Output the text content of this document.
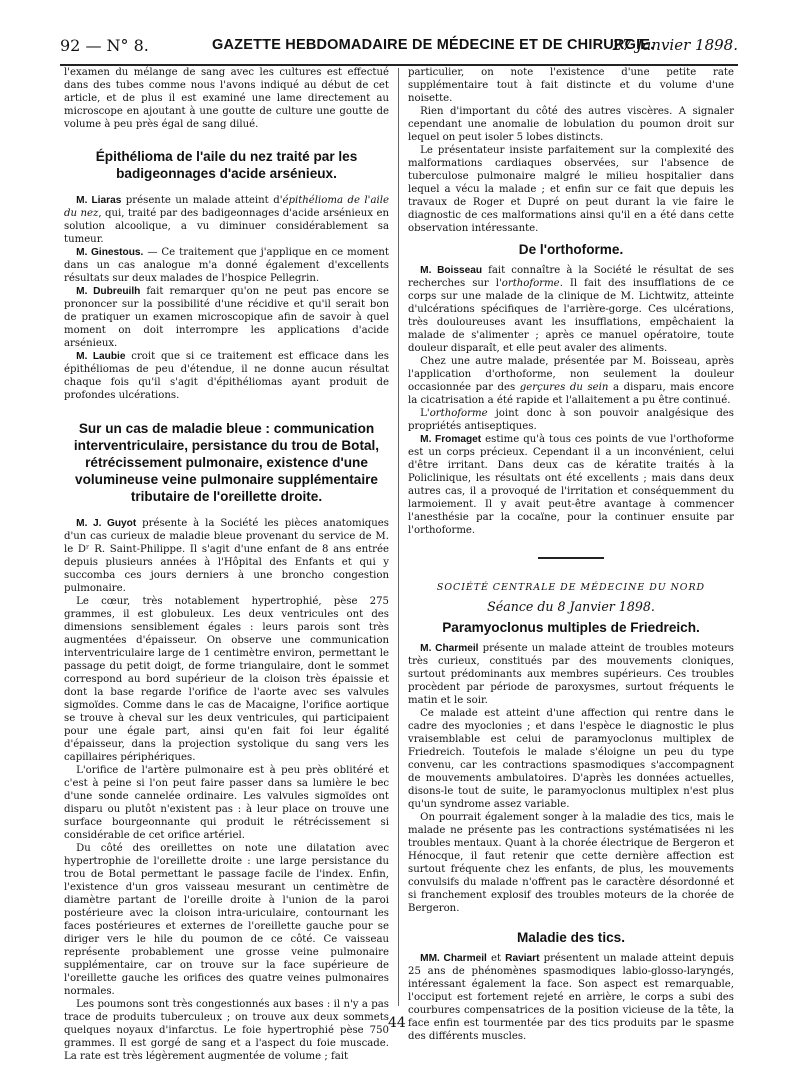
92 — N° 8.	GAZETTE HEBDOMADAIRE DE MÉDECINE ET DE CHIRURGIE.
27 Janvier 1898.

l'examen du mélange de sang avec les cultures est effectué dans des tubes comme nous l'avons indiqué au début de cet article, et de plus il est examiné une lame directement au microscope en ajoutant à une goutte de culture une goutte de volume à peu près égal de sang dilué.

Épithélioma de l'aile du nez traité par les badigeonnages d'acide arsénieux.

M. Liaras présente un malade atteint d'épithélioma de l'aile du nez, qui, traité par des badigeonnages d'acide arsénieux en solution alcoolique, a vu diminuer considérablement sa tumeur.

M. Ginestous. — Ce traitement que j'applique en ce moment dans un cas analogue m'a donné également d'excellents résultats sur deux malades de l'hospice Pellegrin.

M. Dubreuilh fait remarquer qu'on ne peut pas encore se prononcer sur la possibilité d'une récidive et qu'il serait bon de pratiquer un examen microscopique afin de savoir à quel moment on doit interrompre les applications d'acide arsénieux.

M. Laubie croit que si ce traitement est efficace dans les épithéliomas de peu d'étendue, il ne donne aucun résultat chaque fois qu'il s'agit d'épithéliomas ayant produit de profondes ulcérations.

Sur un cas de maladie bleue : communication interventriculaire, persistance du trou de Botal, rétrécissement pulmonaire, existence d'une volumineuse veine pulmonaire supplémentaire tributaire de l'oreillette droite.

M. J. Guyot présente à la Société les pièces anatomiques d'un cas curieux de maladie bleue provenant du service de M. le Dʳ R. Saint-Philippe. Il s'agit d'une enfant de 8 ans entrée depuis plusieurs années à l'Hôpital des Enfants et qui y succomba ces jours derniers à une broncho congestion pulmonaire.

Le cœur, très notablement hypertrophié, pèse 275 grammes, il est globuleux. Les deux ventricules ont des dimensions sensiblement égales : leurs parois sont très augmentées d'épaisseur. On observe une communication interventriculaire large de 1 centimètre environ, permettant le passage du petit doigt, de forme triangulaire, dont le sommet correspond au bord supérieur de la cloison très épaissie et dont la base regarde l'orifice de l'aorte avec ses valvules sigmoïdes. Comme dans le cas de Macaigne, l'orifice aortique se trouve à cheval sur les deux ventricules, qui participaient pour une égale part, ainsi qu'en fait foi leur égalité d'épaisseur, dans la projection systolique du sang vers les capillaires périphériques.

L'orifice de l'artère pulmonaire est à peu près oblitéré et c'est à peine si l'on peut faire passer dans sa lumière le bec d'une sonde cannelée ordinaire. Les valvules sigmoïdes ont disparu ou plutôt n'existent pas : à leur place on trouve une surface bourgeonnante qui produit le rétrécissement si considérable de cet orifice artériel.

Du côté des oreillettes on note une dilatation avec hypertrophie de l'oreillette droite : une large persistance du trou de Botal permettant le passage facile de l'index. Enfin, l'existence d'un gros vaisseau mesurant un centimètre de diamètre partant de l'oreille droite à l'union de la paroi postérieure avec la cloison intra-uriculaire, contournant les faces postérieures et externes de l'oreillette gauche pour se diriger vers le hile du poumon de ce côté. Ce vaisseau représente probablement une grosse veine pulmonaire supplémentaire, car on trouve sur la face supérieure de l'oreillette gauche les orifices des quatre veines pulmonaires normales.

Les poumons sont très congestionnés aux bases : il n'y a pas trace de produits tuberculeux ; on trouve aux deux sommets quelques noyaux d'infarctus. Le foie hypertrophié pèse 750 grammes. Il est gorgé de sang et a l'aspect du foie muscade. La rate est très légèrement augmentée de volume ; fait

particulier, on note l'existence d'une petite rate supplémentaire tout à fait distincte et du volume d'une noisette.

Rien d'important du côté des autres viscères. A signaler cependant une anomalie de lobulation du poumon droit sur lequel on peut isoler 5 lobes distincts.

Le présentateur insiste parfaitement sur la complexité des malformations cardiaques observées, sur l'absence de tuberculose pulmonaire malgré le milieu hospitalier dans lequel a vécu la malade ; et enfin sur ce fait que depuis les travaux de Roger et Dupré on peut durant la vie faire le diagnostic de ces malformations ainsi qu'il en a été dans cette observation intéressante.

De l'orthoforme.

M. Boisseau fait connaître à la Société le résultat de ses recherches sur l'orthoforme. Il fait des insufflations de ce corps sur une malade de la clinique de M. Lichtwitz, atteinte d'ulcérations spécifiques de l'arrière-gorge. Ces ulcérations, très douloureuses avant les insufflations, empêchaient la malade de s'alimenter ; après ce manuel opératoire, toute douleur disparaît, et elle peut avaler des aliments.

Chez une autre malade, présentée par M. Boisseau, après l'application d'orthoforme, non seulement la douleur occasionnée par des gerçures du sein a disparu, mais encore la cicatrisation a été rapide et l'allaitement a pu être continué.

L'orthoforme joint donc à son pouvoir analgésique des propriétés antiseptiques.

M. Fromaget estime qu'à tous ces points de vue l'orthoforme est un corps précieux. Cependant il a un inconvénient, celui d'être irritant. Dans deux cas de kératite traités à la Policlinique, les résultats ont été excellents ; mais dans deux autres cas, il a provoqué de l'irritation et conséquemment du larmoiement. Il y avait peut-être avantage à commencer l'anesthésie par la cocaïne, pour la continuer ensuite par l'orthoforme.

SOCIÉTÉ CENTRALE DE MÉDECINE DU NORD
Séance du 8 Janvier 1898.
Paramyoclonus multiples de Friedreich.

M. Charmeil présente un malade atteint de troubles moteurs très curieux, constitués par des mouvements cloniques, surtout prédominants aux membres supérieurs. Ces troubles procèdent par période de paroxysmes, surtout fréquents le matin et le soir.

Ce malade est atteint d'une affection qui rentre dans le cadre des myoclonies ; et dans l'espèce le diagnostic le plus vraisemblable est celui de paramyoclonus multiplex de Friedreich. Toutefois le malade s'éloigne un peu du type convenu, car les contractions spasmodiques s'accompagnent de mouvements ambulatoires. D'après les données actuelles, disons-le tout de suite, le paramyoclonus multiplex n'est plus qu'un syndrome assez variable.

On pourrait également songer à la maladie des tics, mais le malade ne présente pas les contractions systématisées ni les troubles mentaux. Quant à la chorée électrique de Bergeron et Hénocque, il faut retenir que cette dernière affection est surtout fréquente chez les enfants, de plus, les mouvements convulsifs du malade n'offrent pas le caractère désordonné et si franchement explosif des troubles moteurs de la chorée de Bergeron.

Maladie des tics.

MM. Charmeil et Raviart présentent un malade atteint depuis 25 ans de phénomènes spasmodiques labio-glosso-laryngés, intéressant également la face. Son aspect est remarquable, l'occiput est fortement rejeté en arrière, le corps a subi des courbures compensatrices de la position vicieuse de la tête, la face enfin est tourmentée par des tics produits par le spasme des différents muscles.

44
